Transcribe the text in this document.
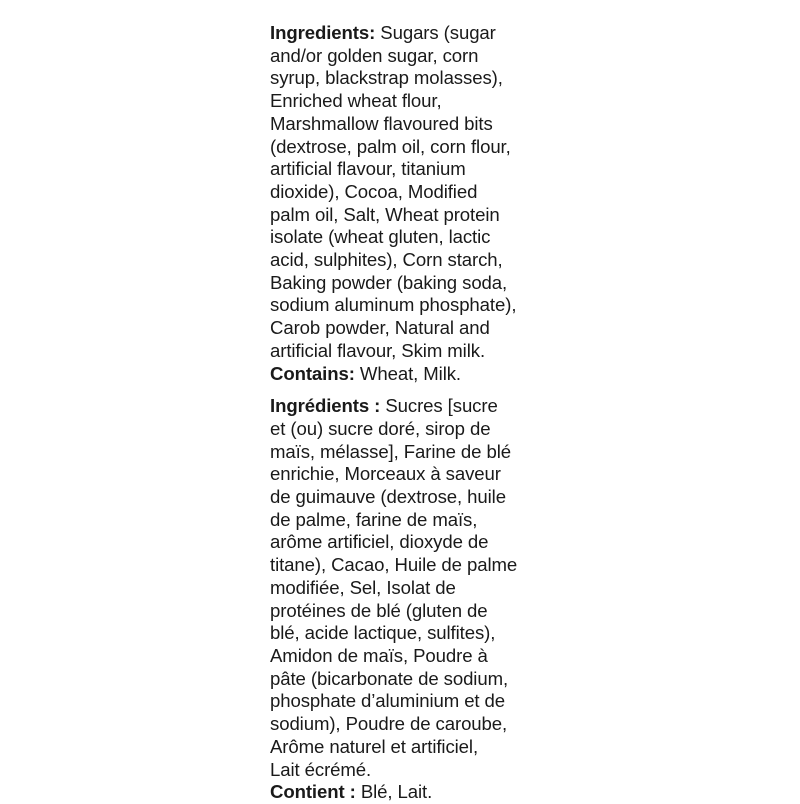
Ingredients: Sugars (sugar
and/or golden sugar, corn
syrup, blackstrap molasses),
Enriched wheat flour,
Marshmallow flavoured bits
(dextrose, palm oil, corn flour,
artificial flavour, titanium
dioxide), Cocoa, Modified
palm oil, Salt, Wheat protein
isolate (wheat gluten, lactic
acid, sulphites), Corn starch,
Baking powder (baking soda,
sodium aluminum phosphate),
Carob powder, Natural and
artificial flavour, Skim milk.
Contains: Wheat, Milk.
Ingrédients : Sucres [sucre
et (ou) sucre doré, sirop de
maïs, mélasse], Farine de blé
enrichie, Morceaux à saveur
de guimauve (dextrose, huile
de palme, farine de maïs,
arôme artificiel, dioxyde de
titane), Cacao, Huile de palme
modifiée, Sel, Isolat de
protéines de blé (gluten de
blé, acide lactique, sulfites),
Amidon de maïs, Poudre à
pâte (bicarbonate de sodium,
phosphate d’aluminium et de
sodium), Poudre de caroube,
Arôme naturel et artificiel,
Lait écrémé.
Contient : Blé, Lait.
